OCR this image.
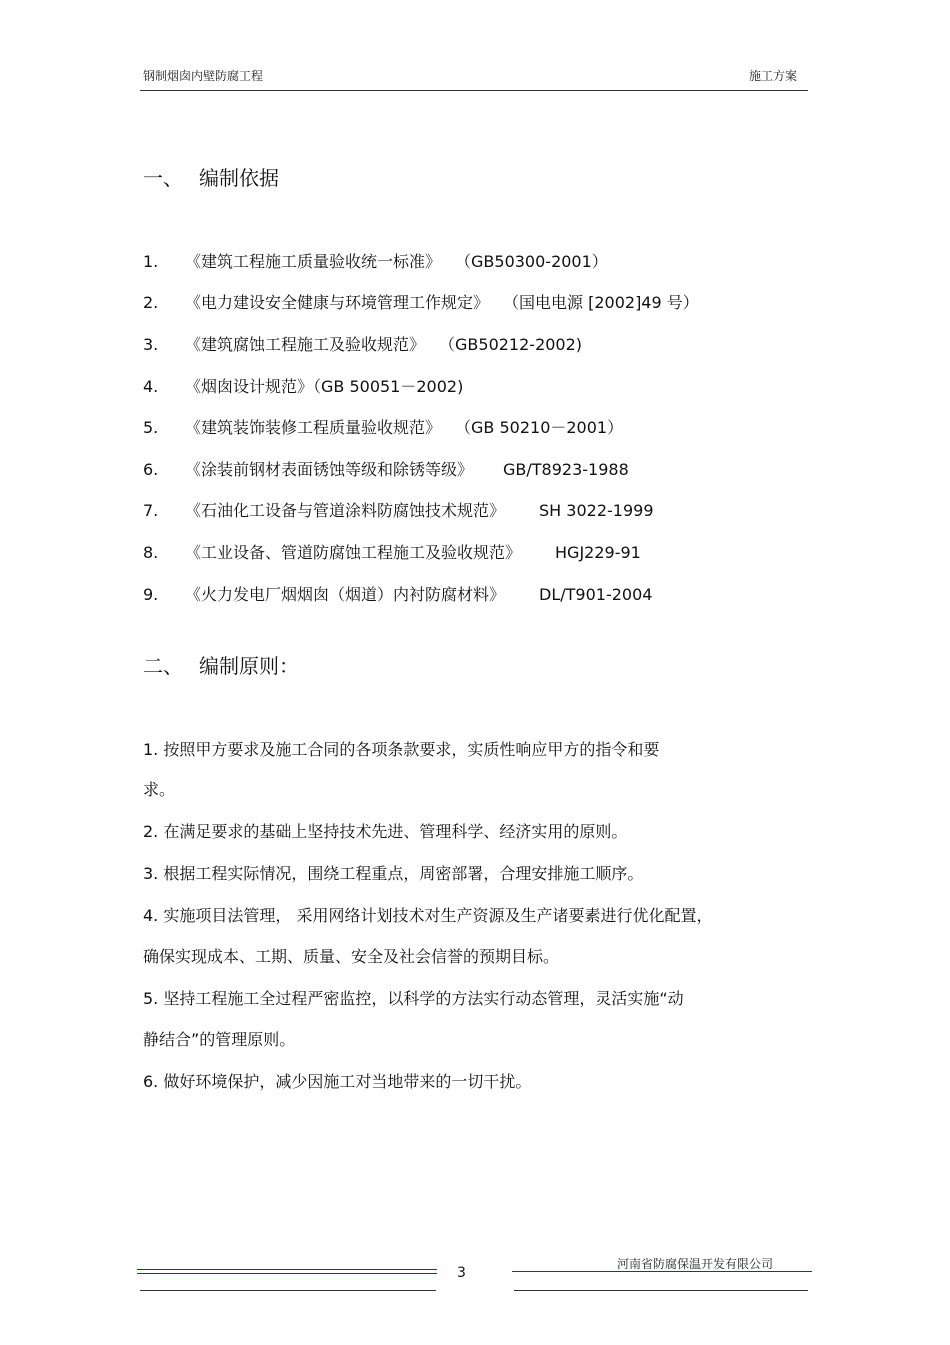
钢制烟囱内壁防腐工程	施工方案
一、 编制依据
1. 《建筑工程施工质量验收统一标准》 （GB50300-2001）
2. 《电力建设安全健康与环境管理工作规定》 （国电电源 [2002]49 号）
3. 《建筑腐蚀工程施工及验收规范》 （GB50212-2002)
4. 《烟囱设计规范》（GB 50051－2002)
5. 《建筑装饰装修工程质量验收规范》 （GB 50210－2001）
6. 《涂装前钢材表面锈蚀等级和除锈等级》 GB/T8923-1988
7. 《石油化工设备与管道涂料防腐蚀技术规范》 SH 3022-1999
8. 《工业设备、管道防腐蚀工程施工及验收规范》 HGJ229-91
9. 《火力发电厂烟烟囱（烟道）内衬防腐材料》 DL/T901-2004
二、 编制原则：
1. 按照甲方要求及施工合同的各项条款要求，实质性响应甲方的指令和要
求。
2. 在满足要求的基础上坚持技术先进、管理科学、经济实用的原则。
3. 根据工程实际情况，围绕工程重点，周密部署，合理安排施工顺序。
4. 实施项目法管理， 采用网络计划技术对生产资源及生产诸要素进行优化配置，
确保实现成本、工期、质量、安全及社会信誉的预期目标。
5. 坚持工程施工全过程严密监控，以科学的方法实行动态管理，灵活实施“动
静结合”的管理原则。
6. 做好环境保护，减少因施工对当地带来的一切干扰。
河南省防腐保温开发有限公司
3
